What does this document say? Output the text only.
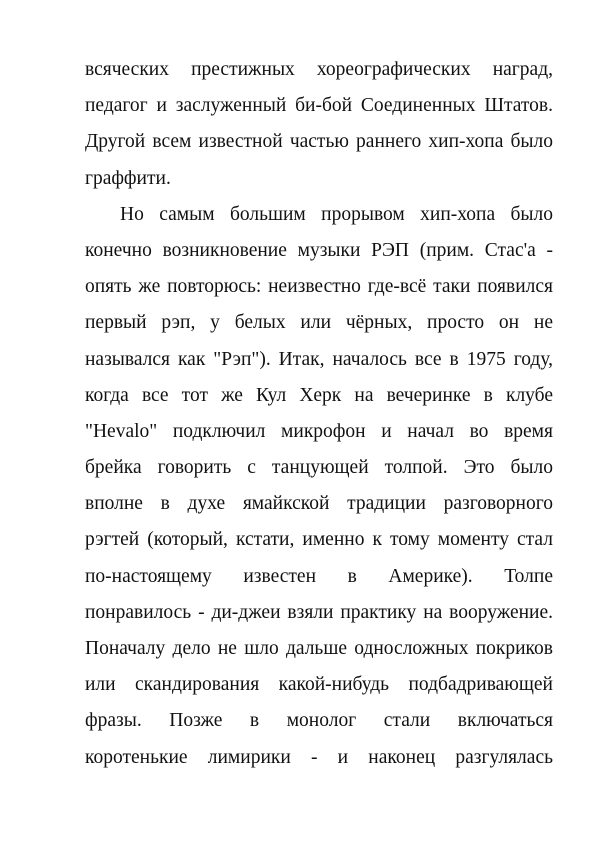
всяческих престижных хореографических наград,
педагог и заслуженный би-бой Соединенных Штатов.
Другой всем известной частью раннего хип-хопа было
граффити.
Но самым большим прорывом хип-хопа было
конечно возникновение музыки РЭП (прим. Стас'а -
опять же повторюсь: неизвестно где-всё таки появился
первый рэп, у белых или чёрных, просто он не
назывался как "Рэп"). Итак, началось все в 1975 году,
когда все тот же Кул Херк на вечеринке в клубе
"Hevalo" подключил микрофон и начал во время
брейка говорить с танцующей толпой. Это было
вполне в духе ямайкской традиции разговорного
рэгтей (который, кстати, именно к тому моменту стал
по-настоящему известен в Америке). Толпе
понравилось - ди-джеи взяли практику на вооружение.
Поначалу дело не шло дальше односложных покриков
или скандирования какой-нибудь подбадривающей
фразы. Позже в монолог стали включаться
коротенькие лимирики - и наконец разгулялась
